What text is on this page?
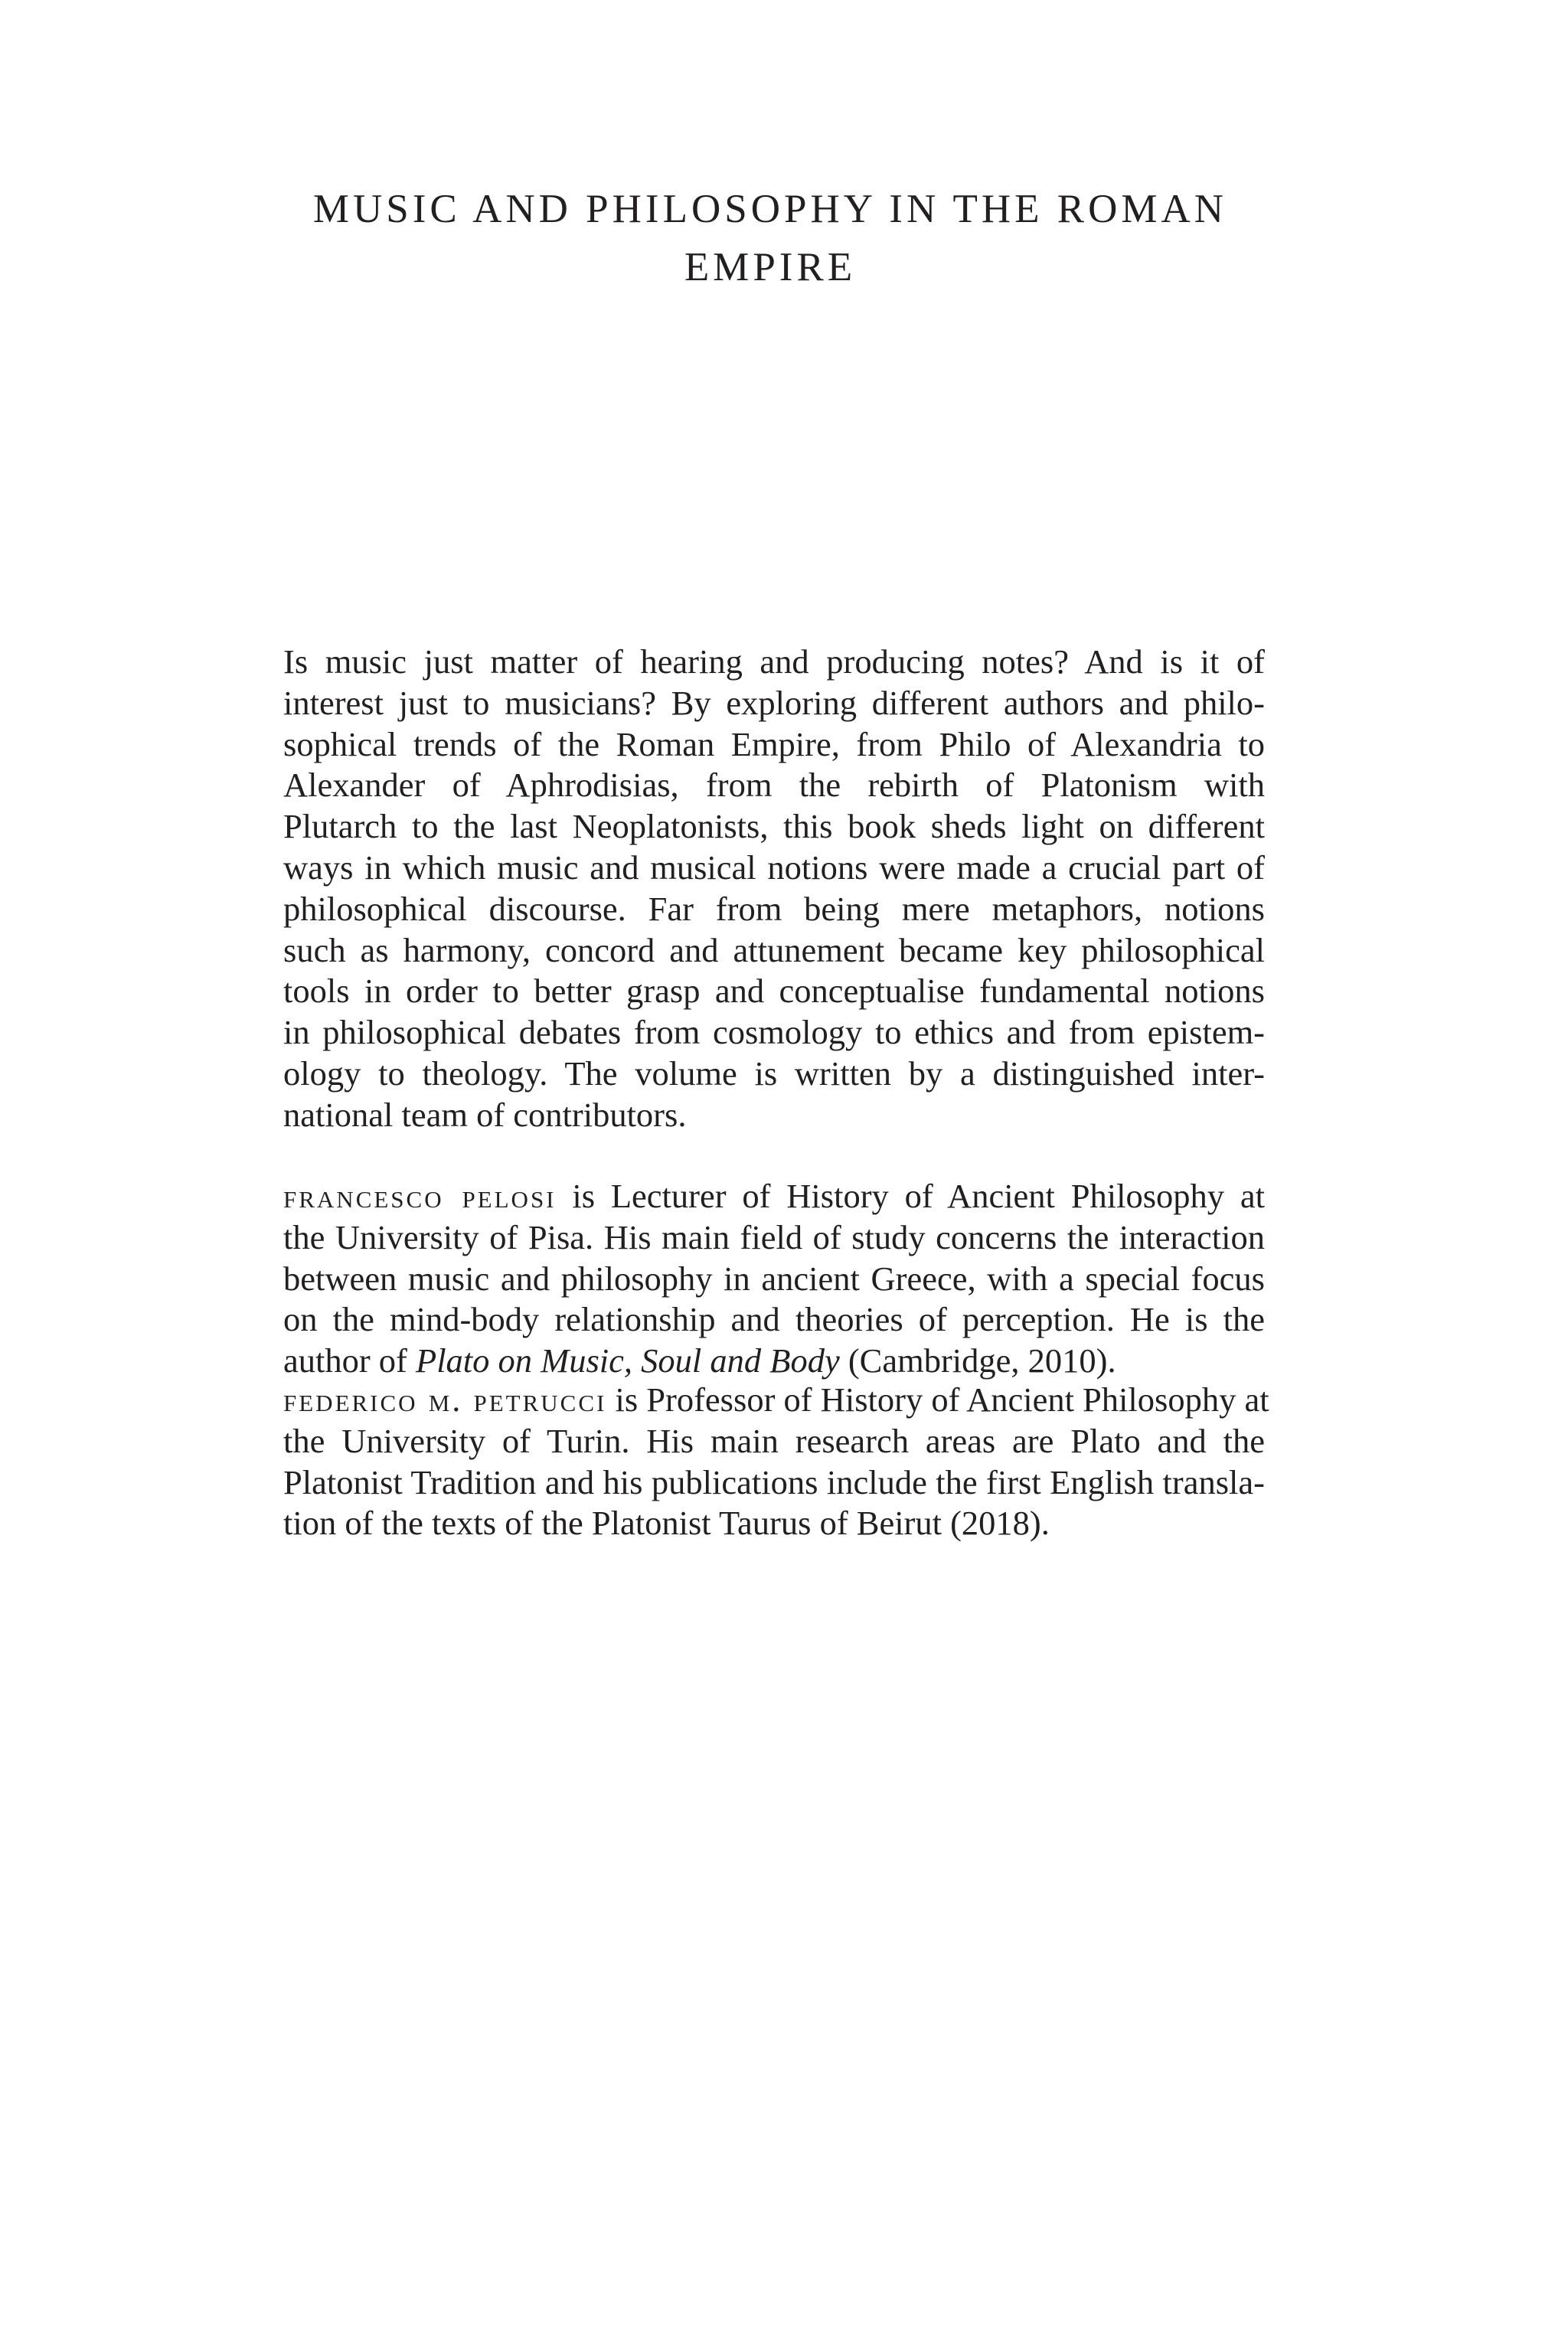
MUSIC AND PHILOSOPHY IN THE ROMAN
EMPIRE
Is music just matter of hearing and producing notes? And is it of
interest just to musicians? By exploring different authors and philo-
sophical trends of the Roman Empire, from Philo of Alexandria to
Alexander of Aphrodisias, from the rebirth of Platonism with
Plutarch to the last Neoplatonists, this book sheds light on different
ways in which music and musical notions were made a crucial part of
philosophical discourse. Far from being mere metaphors, notions
such as harmony, concord and attunement became key philosophical
tools in order to better grasp and conceptualise fundamental notions
in philosophical debates from cosmology to ethics and from epistem-
ology to theology. The volume is written by a distinguished inter-
national team of contributors.
francesco pelosi is Lecturer of History of Ancient Philosophy at
the University of Pisa. His main field of study concerns the interaction
between music and philosophy in ancient Greece, with a special focus
on the mind-body relationship and theories of perception. He is the
author of Plato on Music, Soul and Body (Cambridge, 2010).
federico m. petrucci is Professor of History of Ancient Philosophy at
the University of Turin. His main research areas are Plato and the
Platonist Tradition and his publications include the first English transla-
tion of the texts of the Platonist Taurus of Beirut (2018).
